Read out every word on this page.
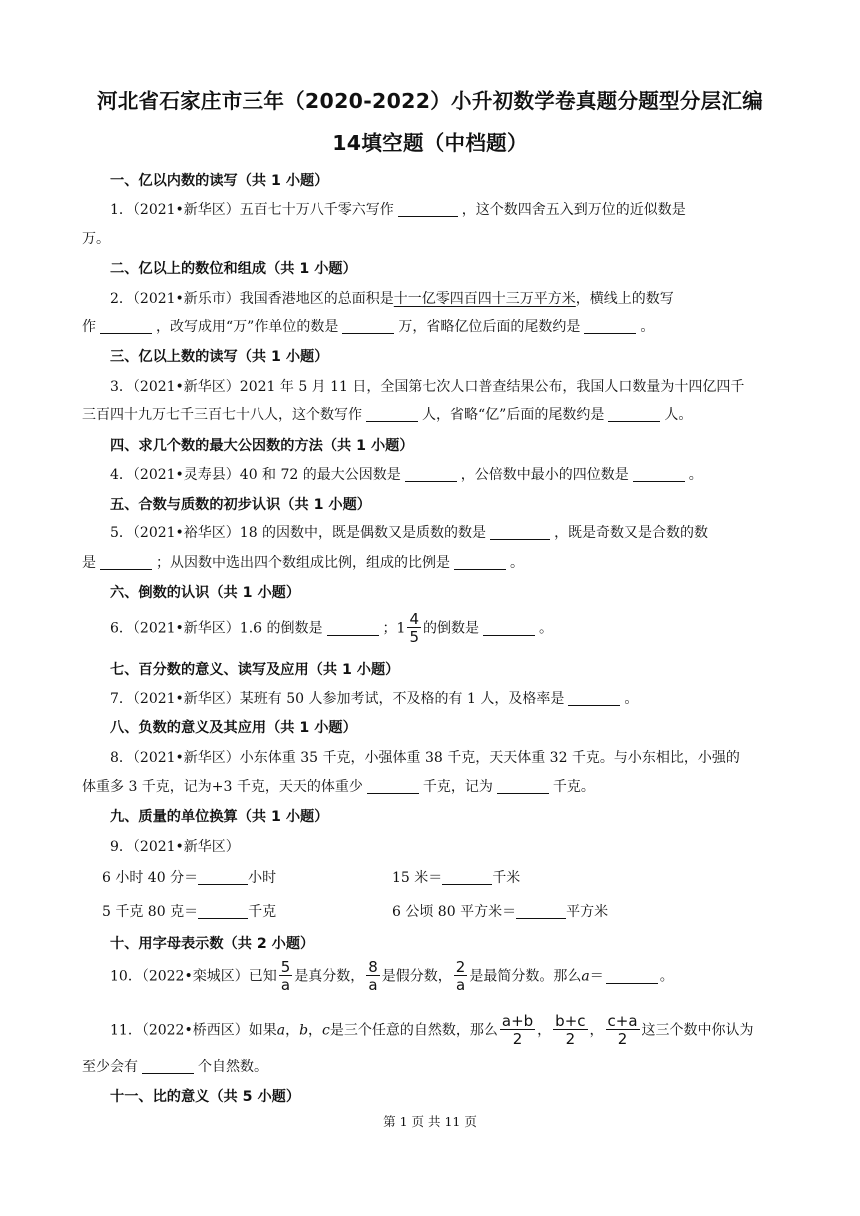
河北省石家庄市三年（2020-2022）小升初数学卷真题分题型分层汇编
14填空题（中档题）
一、亿以内数的读写（共 1 小题）
1．（2021•新华区）五百七十万八千零六写作	，这个数四舍五入到万位的近似数是
万。
二、亿以上的数位和组成（共 1 小题）
2．（2021•新乐市）我国香港地区的总面积是十一亿零四百四十三万平方米，横线上的数写
作	，改写成用“万”作单位的数是	万，省略亿位后面的尾数约是	。
三、亿以上数的读写（共 1 小题）
3．（2021•新华区）2021 年 5 月 11 日，全国第七次人口普查结果公布，我国人口数量为十四亿四千
三百四十九万七千三百七十八人，这个数写作	人，省略“亿”后面的尾数约是	人。
四、求几个数的最大公因数的方法（共 1 小题）
4．（2021•灵寿县）40 和 72 的最大公因数是	，公倍数中最小的四位数是	。
五、合数与质数的初步认识（共 1 小题）
5．（2021•裕华区）18 的因数中，既是偶数又是质数的数是	，既是奇数又是合数的数
是	；从因数中选出四个数组成比例，组成的比例是	。
六、倒数的认识（共 1 小题）
6．（2021•新华区）1.6 的倒数是	；$1 \frac{4}{5}$ 的倒数是	。
七、百分数的意义、读写及应用（共 1 小题）
7．（2021•新华区）某班有 50 人参加考试，不及格的有 1 人，及格率是	。
八、负数的意义及其应用（共 1 小题）
8．（2021•新华区）小东体重 35 千克，小强体重 38 千克，天天体重 32 千克。与小东相比，小强的
体重多 3 千克，记为+3 千克，天天的体重少	千克，记为	千克。
九、质量的单位换算（共 1 小题）
9．（2021•新华区）
6 小时 40 分＝	小时	15 米＝	千米
5 千克 80 克＝	千克	6 公顷 80 平方米＝	平方米
十、用字母表示数（共 2 小题）
10．（2022•栾城区）已知 $\frac{5}{a}$ 是真分数， $\frac{8}{a}$ 是假分数， $\frac{2}{a}$ 是最简分数。那么a＝	。
11．（2022•桥西区）如果a，b，c是三个任意的自然数，那么 $\frac{a+b}{2}$ ， $\frac{b+c}{2}$ ， $\frac{c+a}{2}$ 这三个数中你认为
至少会有	个自然数。
十一、比的意义（共 5 小题）
第 1 页 共 11 页
